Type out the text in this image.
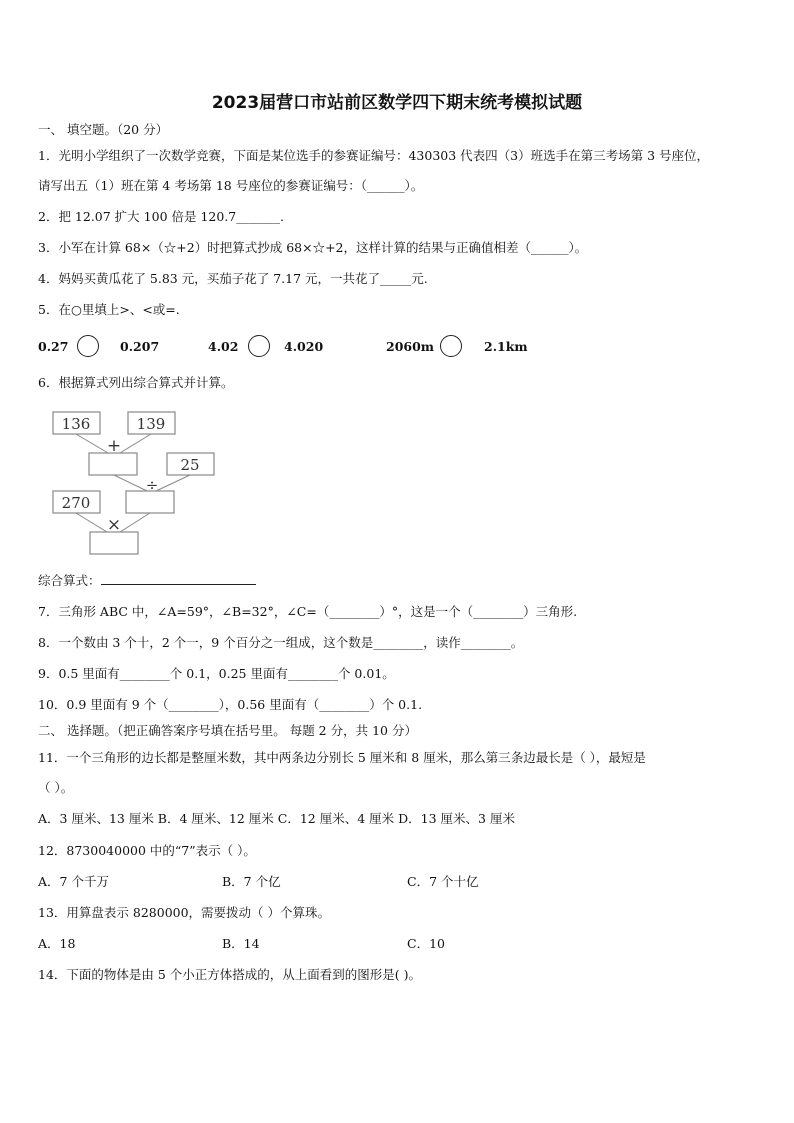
2023届营口市站前区数学四下期末统考模拟试题
一、 填空题。（20 分）
1．光明小学组织了一次数学竞赛，下面是某位选手的参赛证编号：430303 代表四（3）班选手在第三考场第 3 号座位，
请写出五（1）班在第 4 考场第 18 号座位的参赛证编号：（______）。
2．把 12.07 扩大 100 倍是 120.7_______.
3．小军在计算 68×（☆+2）时把算式抄成 68×☆+2，这样计算的结果与正确值相差（______）。
4．妈妈买黄瓜花了 5.83 元，买茄子花了 7.17 元，一共花了_____元.
5．在○里填上>、<或=.
0.27	0.207	4.02	4.020	2060m	2.1km
6．根据算式列出综合算式并计算。
136	139
+
25
÷
270
×
综合算式：
7．三角形 ABC 中，∠A=59°，∠B=32°，∠C=（________）°，这是一个（________）三角形.
8．一个数由 3 个十，2 个一，9 个百分之一组成，这个数是________，读作________。
9．0.5 里面有________个 0.1，0.25 里面有________个 0.01。
10．0.9 里面有 9 个（________），0.56 里面有（________）个 0.1.
二、 选择题。（把正确答案序号填在括号里。 每题 2 分，共 10 分）
11．一个三角形的边长都是整厘米数，其中两条边分别长 5 厘米和 8 厘米，那么第三条边最长是（ ），最短是
（ ）。
A．3 厘米、13 厘米 B．4 厘米、12 厘米 C．12 厘米、4 厘米 D．13 厘米、3 厘米
12．8730040000 中的“7”表示（ ）。
A．7 个千万	B．7 个亿	C．7 个十亿
13．用算盘表示 8280000，需要拨动（ ）个算珠。
A．18	B．14	C．10
14．下面的物体是由 5 个小正方体搭成的，从上面看到的图形是( )。
